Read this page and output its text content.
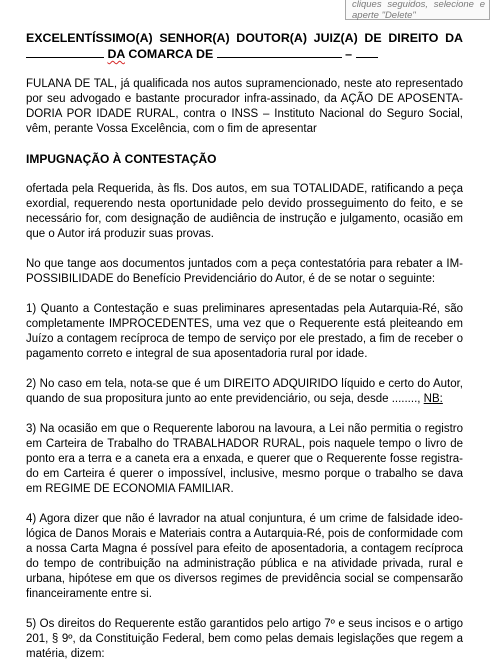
cliques seguidos, selecione e aperte "Delete"

EXCELENTÍSSIMO(A) SENHOR(A) DOUTOR(A) JUIZ(A) DE DIREITO DA

DA COMARCA DE	–

FULANA DE TAL, já qualificada nos autos supramencionado, neste ato representado

por seu advogado e bastante procurador infra-assinado, da AÇÃO DE APOSENTA-

DORIA POR IDADE RURAL, contra o INSS – Instituto Nacional do Seguro Social,

vêm, perante Vossa Excelência, com o fim de apresentar

IMPUGNAÇÃO À CONTESTAÇÃO

ofertada pela Requerida, às fls. Dos autos, em sua TOTALIDADE, ratificando a peça

exordial, requerendo nesta oportunidade pelo devido prosseguimento do feito, e se

necessário for, com designação de audiência de instrução e julgamento, ocasião em

que o Autor irá produzir suas provas.

No que tange aos documentos juntados com a peça contestatória para rebater a IM-

POSSIBILIDADE do Benefício Previdenciário do Autor, é de se notar o seguinte:

1) Quanto a Contestação e suas preliminares apresentadas pela Autarquia-Ré, são

completamente IMPROCEDENTES, uma vez que o Requerente está pleiteando em

Juízo a contagem recíproca de tempo de serviço por ele prestado, a fim de receber o

pagamento correto e integral de sua aposentadoria rural por idade.

2) No caso em tela, nota-se que é um DIREITO ADQUIRIDO líquido e certo do Autor,

quando de sua propositura junto ao ente previdenciário, ou seja, desde ........, NB:

3) Na ocasião em que o Requerente laborou na lavoura, a Lei não permitia o registro

em Carteira de Trabalho do TRABALHADOR RURAL, pois naquele tempo o livro de

ponto era a terra e a caneta era a enxada, e querer que o Requerente fosse registra-

do em Carteira é querer o impossível, inclusive, mesmo porque o trabalho se dava

em REGIME DE ECONOMIA FAMILIAR.

4) Agora dizer que não é lavrador na atual conjuntura, é um crime de falsidade ideo-

lógica de Danos Morais e Materiais contra a Autarquia-Ré, pois de conformidade com

a nossa Carta Magna é possível para efeito de aposentadoria, a contagem recíproca

do tempo de contribuição na administração pública e na atividade privada, rural e

urbana, hipótese em que os diversos regimes de previdência social se compensarão

financeiramente entre si.

5) Os direitos do Requerente estão garantidos pelo artigo 7º e seus incisos e o artigo

201, § 9º, da Constituição Federal, bem como pelas demais legislações que regem a

matéria, dizem:
